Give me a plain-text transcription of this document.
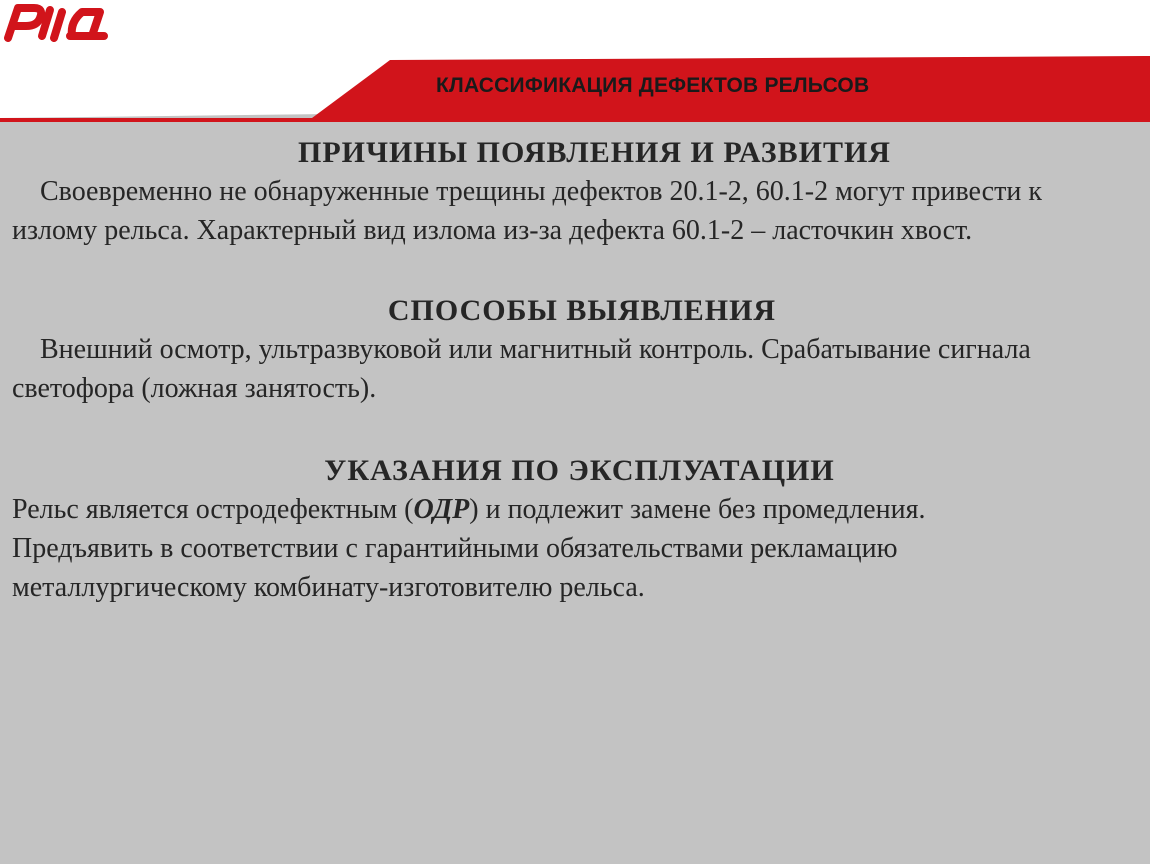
КЛАССИФИКАЦИЯ ДЕФЕКТОВ РЕЛЬСОВ

ПРИЧИНЫ ПОЯВЛЕНИЯ И РАЗВИТИЯ

Своевременно не обнаруженные трещины дефектов 20.1-2, 60.1-2 могут привести к излому рельса. Характерный вид излома из-за дефекта 60.1-2 – ласточкин хвост.

СПОСОБЫ ВЫЯВЛЕНИЯ

Внешний осмотр, ультразвуковой или магнитный контроль. Срабатывание сигнала светофора (ложная занятость).

УКАЗАНИЯ ПО ЭКСПЛУАТАЦИИ

Рельс является остродефектным (ОДР) и подлежит замене без промедления.

Предъявить в соответствии с гарантийными обязательствами рекламацию металлургическому комбинату-изготовителю рельса.
